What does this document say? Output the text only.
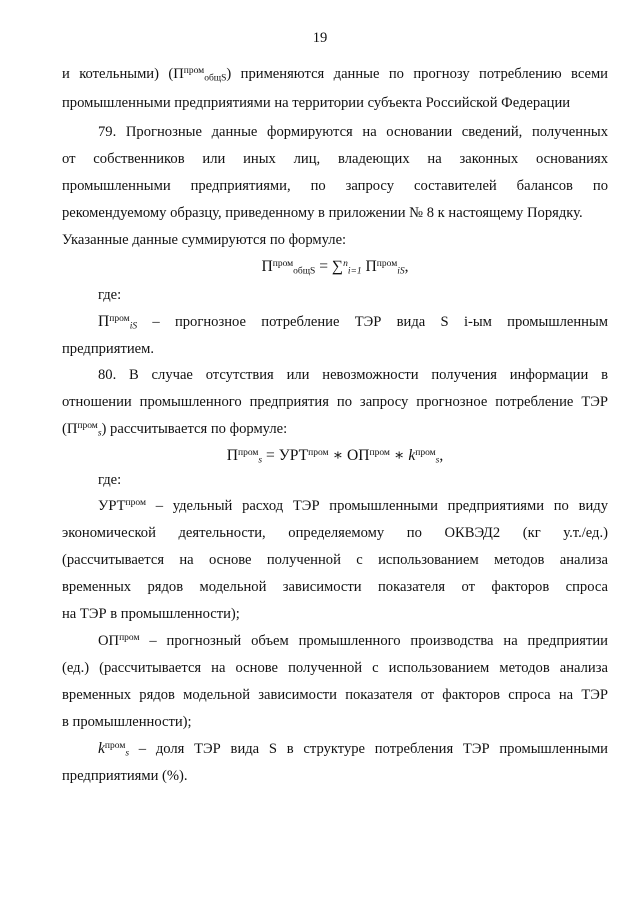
19
и котельными) $(П^{пром}_{общS})$ применяются данные по прогнозу потреблению всеми
промышленными предприятиями на территории субъекта Российской Федерации
79. Прогнозные данные формируются на основании сведений, полученных
от собственников или иных лиц, владеющих на законных основаниях
промышленными предприятиями, по запросу составителей балансов по
рекомендуемому образцу, приведенному в приложении № 8 к настоящему Порядку.
Указанные данные суммируются по формуле:
$П^{пром}_{общS} = \sum^n_{i=1}$ $П^{пром}_{iS}$,
где:
$П^{пром}_{iS}$ – прогнозное потребление ТЭР вида S i-ым промышленным
предприятием.
80. В случае отсутствия или невозможности получения информации в
отношении промышленного предприятия по запросу прогнозное потребление ТЭР
$(П^{пром}_s)$ рассчитывается по формуле:
$П^{пром}_s = УРТ^{пром}$ ∗ $ОП^{пром}$ ∗ $k^{пром}_s$,
где:
$УРТ^{пром}$ – удельный расход ТЭР промышленными предприятиями по виду
экономической деятельности, определяемому по ОКВЭД2 (кг у.т./ед.)
(рассчитывается на основе полученной с использованием методов анализа
временных рядов модельной зависимости показателя от факторов спроса
на ТЭР в промышленности);
$ОП^{пром}$ – прогнозный объем промышленного производства на предприятии
(ед.) (рассчитывается на основе полученной с использованием методов анализа
временных рядов модельной зависимости показателя от факторов спроса на ТЭР
в промышленности);
$k^{пром}_s$ – доля ТЭР вида S в структуре потребления ТЭР промышленными
предприятиями (%).
